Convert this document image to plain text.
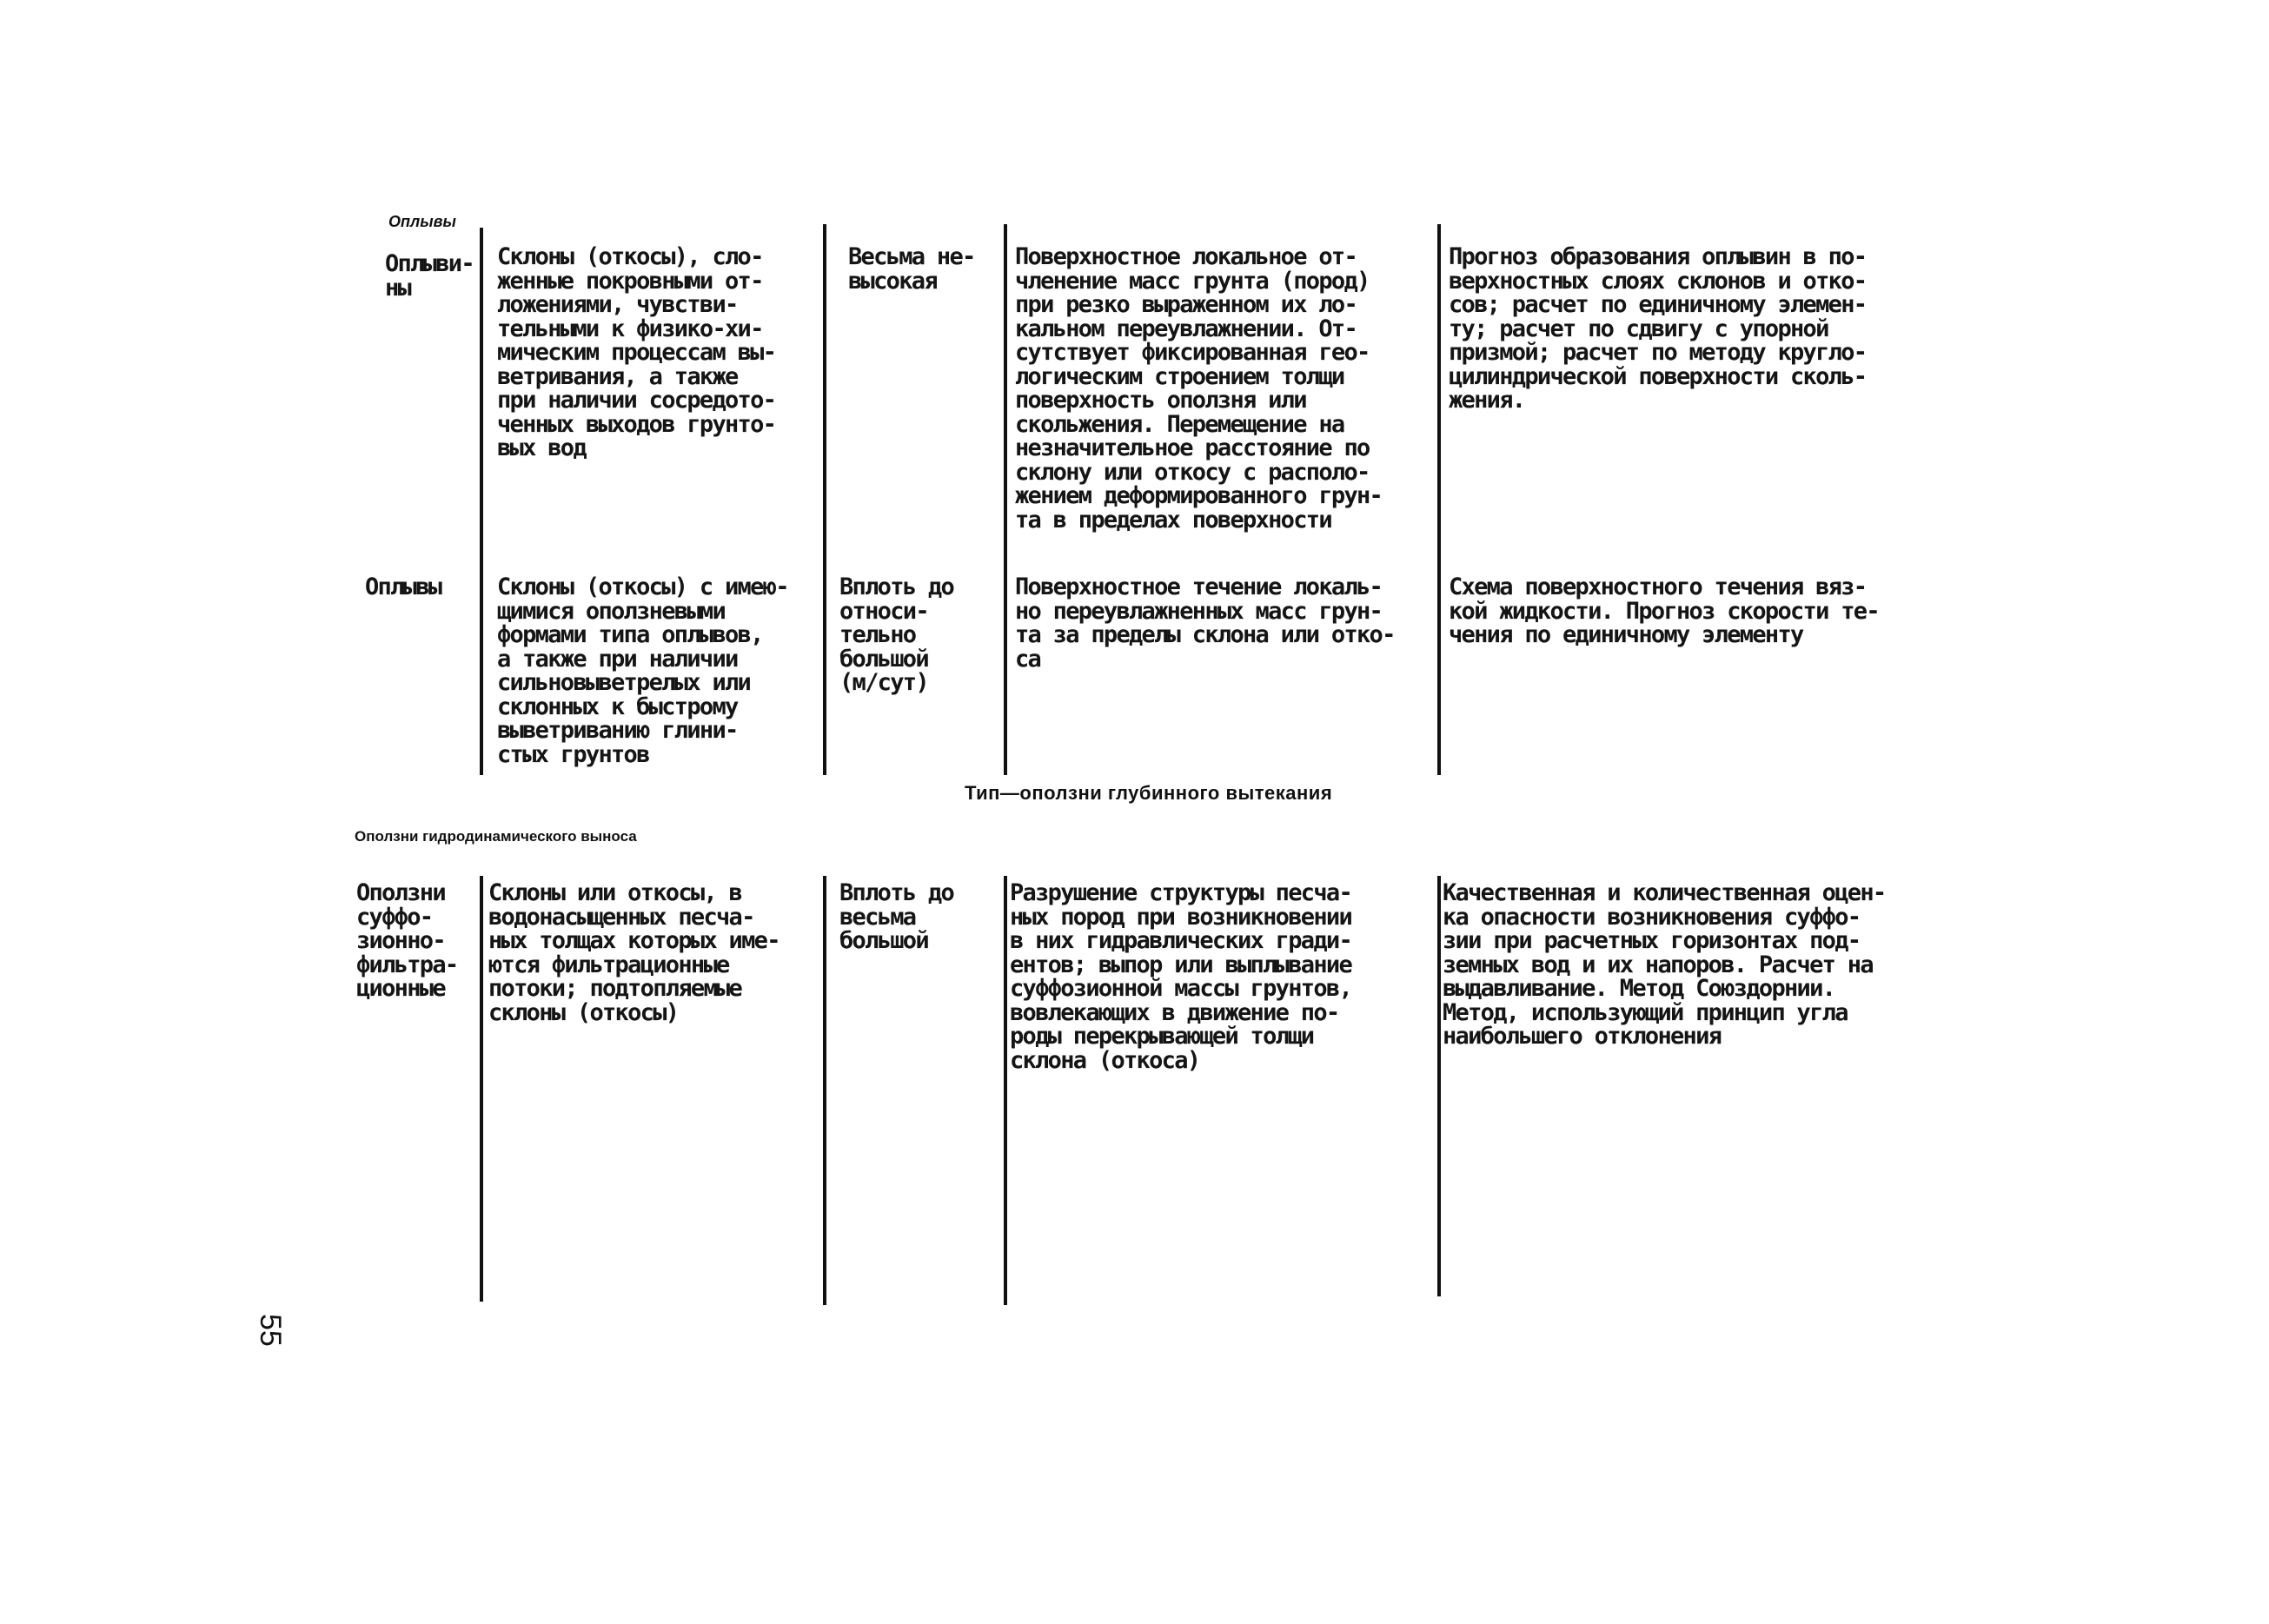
Оплывы
Оплыви-
ны
Склоны (откосы), сло-
женные покровными от-
ложениями, чувстви-
тельными к физико-хи-
мическим процессам вы-
ветривания, а также
при наличии сосредото-
ченных выходов грунто-
вых вод
Весьма не-
высокая
Поверхностное локальное от-
членение масс грунта (пород)
при резко выраженном их ло-
кальном переувлажнении. От-
сутствует фиксированная гео-
логическим строением толщи
поверхность оползня или
скольжения. Перемещение на
незначительное расстояние по
склону или откосу с располо-
жением деформированного грун-
та в пределах поверхности
Прогноз образования оплывин в по-
верхностных слоях склонов и отко-
сов; расчет по единичному элемен-
ту; расчет по сдвигу с упорной
призмой; расчет по методу кругло-
цилиндрической поверхности сколь-
жения.
Оплывы Склоны (откосы) с имею-
щимися оползневыми
формами типа оплывов,
а также при наличии
сильновыветрелых или
склонных к быстрому
выветриванию глини-
стых грунтов
Вплоть до
относи-
тельно
большой
(м/сут)
Поверхностное течение локаль-
но переувлажненных масс грун-
та за пределы склона или отко-
са
Схема поверхностного течения вяз-
кой жидкости. Прогноз скорости те-
чения по единичному элементу
Тип—оползни глубинного вытекания
Оползни гидродинамического выноса
Оползни
суффо-
зионно-
фильтра-
ционные
Склоны или откосы, в
водонасыщенных песча-
ных толщах которых име-
ются фильтрационные
потоки; подтопляемые
склоны (откосы)
Вплоть до
весьма
большой
Разрушение структуры песча-
ных пород при возникновении
в них гидравлических гради-
ентов; выпор или выплывание
суффозионной массы грунтов,
вовлекающих в движение по-
роды перекрывающей толщи
склона (откоса)
Качественная и количественная оцен-
ка опасности возникновения суффо-
зии при расчетных горизонтах под-
земных вод и их напоров. Расчет на
выдавливание. Метод Союздорнии.
Метод, использующий принцип угла
наибольшего отклонения
55
